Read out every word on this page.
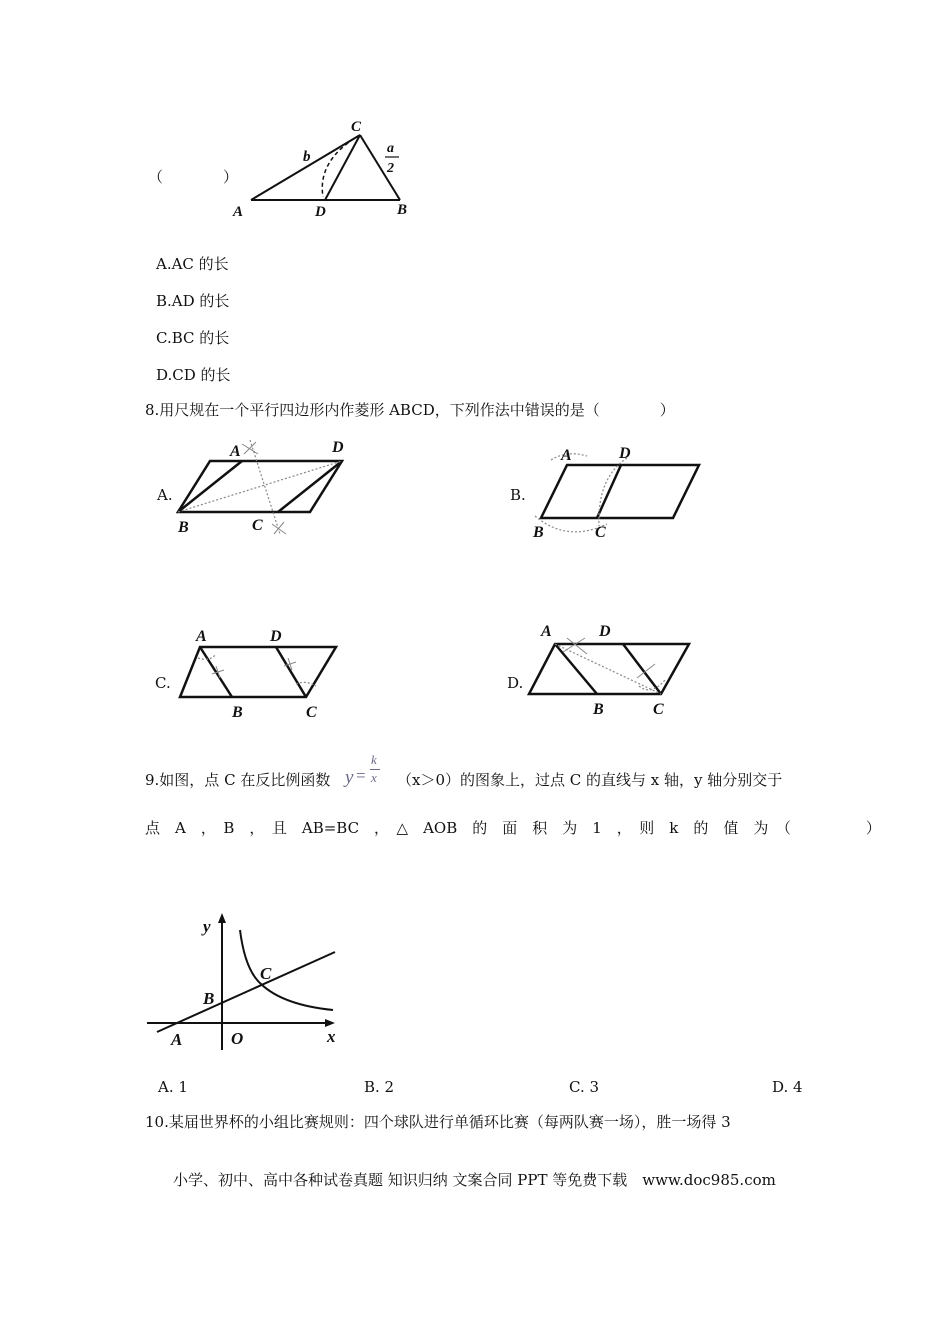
（　　　　）
A	D	B
C
b
a
2
A.AC 的长
B.AD 的长
C.BC 的长
D.CD 的长
8.用尺规在一个平行四边形内作菱形 ABCD，下列作法中错误的是（　　　　）
A.
A	D
B	C
B.
A	D
B	C
C.
A	D
B	C
D.
A	D
B	C
9.如图，点 C 在反比例函数 y =
k
x （x＞0）的图象上，过点 C 的直线与 x 轴，y 轴分别交于
点　A　，　B　，　且　AB=BC　，　△　AOB　的　面　积　为　1　，　则　k　的　值　为　（　　　　　）
y
x
O
A
B
C
A. 1	B. 2	C. 3	D. 4
10.某届世界杯的小组比赛规则：四个球队进行单循环比赛（每两队赛一场），胜一场得 3
小学、初中、高中各种试卷真题 知识归纳 文案合同 PPT 等免费下载　www.doc985.com
